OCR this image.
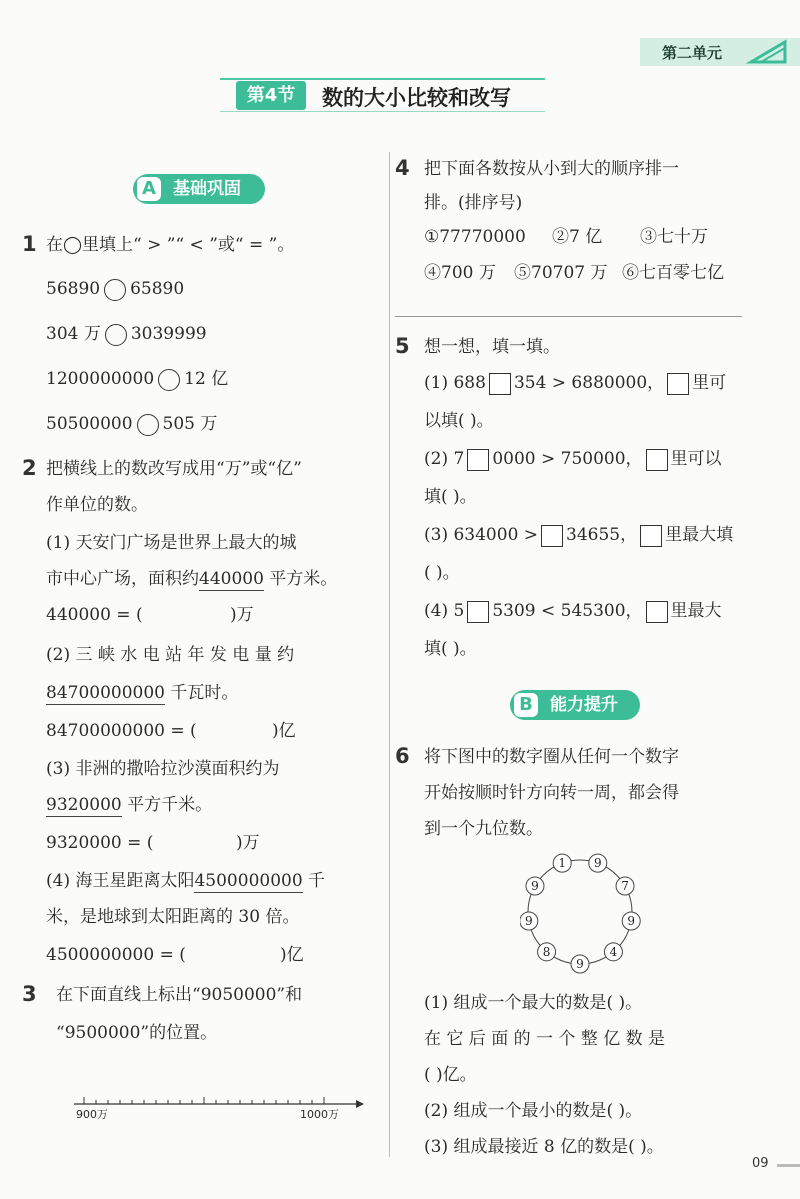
第二单元
第4节	数的大小比较和改写
A 基础巩固
1 在◯里填上“ > ”“ < ”或“ = ”。
56890 65890
304 万 3039999
1200000000 12 亿
50500000 505 万
2 把横线上的数改写成用“万”或“亿”
作单位的数。
(1) 天安门广场是世界上最大的城
市中心广场，面积约440000 平方米。
440000 = (	)万
(2) 三 峡 水 电 站 年 发 电 量 约
84700000000 千瓦时。
84700000000 = (	)亿
(3) 非洲的撒哈拉沙漠面积约为
9320000 平方千米。
9320000 = (	)万
(4) 海王星距离太阳4500000000 千
米，是地球到太阳距离的 30 倍。
4500000000 = (	)亿
3 在下面直线上标出“9050000”和
“9500000”的位置。
900万	1000万
4 把下面各数按从小到大的顺序排一
排。(排序号)
①77770000 ②7 亿 ③七十万
④700 万 ⑤70707 万 ⑥七百零七亿
5 想一想，填一填。
(1) 688 354 > 6880000， 里可
以填( )。
(2) 7 0000 > 750000， 里可以
填( )。
(3) 634000 > 34655， 里最大填
( )。
(4) 5 5309 < 545300， 里最大
填( )。
B	能力提升
6 将下图中的数字圈从任何一个数字
开始按顺时针方向转一周，都会得
到一个九位数。
9
7
9
4
9
8
9
9
1
(1) 组成一个最大的数是( )。
在 它 后 面 的 一 个 整 亿 数 是
( )亿。
(2) 组成一个最小的数是( )。
(3) 组成最接近 8 亿的数是( )。
09
